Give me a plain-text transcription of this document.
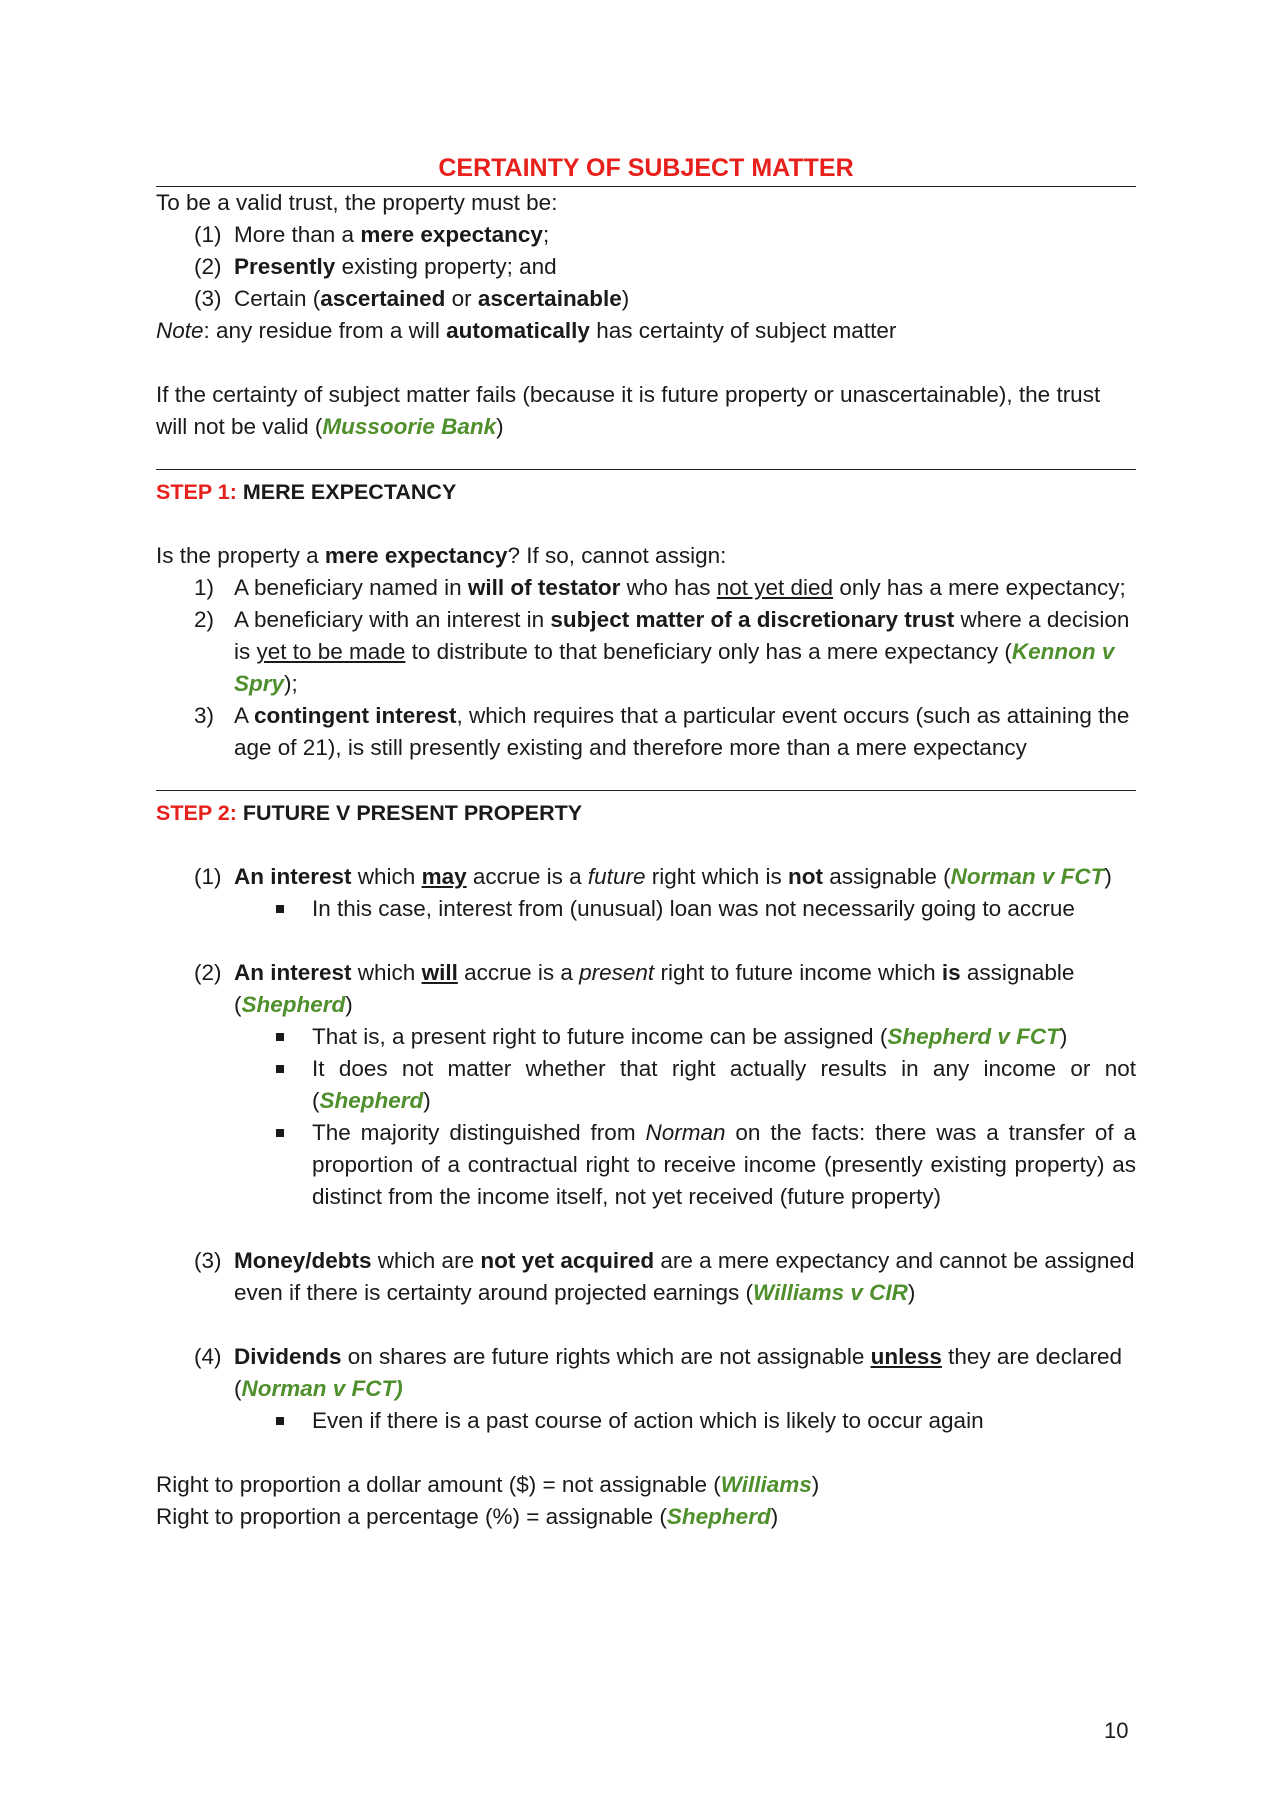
CERTAINTY OF SUBJECT MATTER
To be a valid trust, the property must be:
(1) More than a mere expectancy;
(2) Presently existing property; and
(3) Certain (ascertained or ascertainable)
Note: any residue from a will automatically has certainty of subject matter
If the certainty of subject matter fails (because it is future property or unascertainable), the trust will not be valid (Mussoorie Bank)
STEP 1: MERE EXPECTANCY
Is the property a mere expectancy? If so, cannot assign:
1) A beneficiary named in will of testator who has not yet died only has a mere expectancy;
2) A beneficiary with an interest in subject matter of a discretionary trust where a decision is yet to be made to distribute to that beneficiary only has a mere expectancy (Kennon v Spry);
3) A contingent interest, which requires that a particular event occurs (such as attaining the age of 21), is still presently existing and therefore more than a mere expectancy
STEP 2: FUTURE V PRESENT PROPERTY
(1) An interest which may accrue is a future right which is not assignable (Norman v FCT)
In this case, interest from (unusual) loan was not necessarily going to accrue
(2) An interest which will accrue is a present right to future income which is assignable (Shepherd)
That is, a present right to future income can be assigned (Shepherd v FCT)
It does not matter whether that right actually results in any income or not (Shepherd)
The majority distinguished from Norman on the facts: there was a transfer of a proportion of a contractual right to receive income (presently existing property) as distinct from the income itself, not yet received (future property)
(3) Money/debts which are not yet acquired are a mere expectancy and cannot be assigned even if there is certainty around projected earnings (Williams v CIR)
(4) Dividends on shares are future rights which are not assignable unless they are declared (Norman v FCT)
Even if there is a past course of action which is likely to occur again
Right to proportion a dollar amount ($) = not assignable (Williams)
Right to proportion a percentage (%) = assignable (Shepherd)
10
